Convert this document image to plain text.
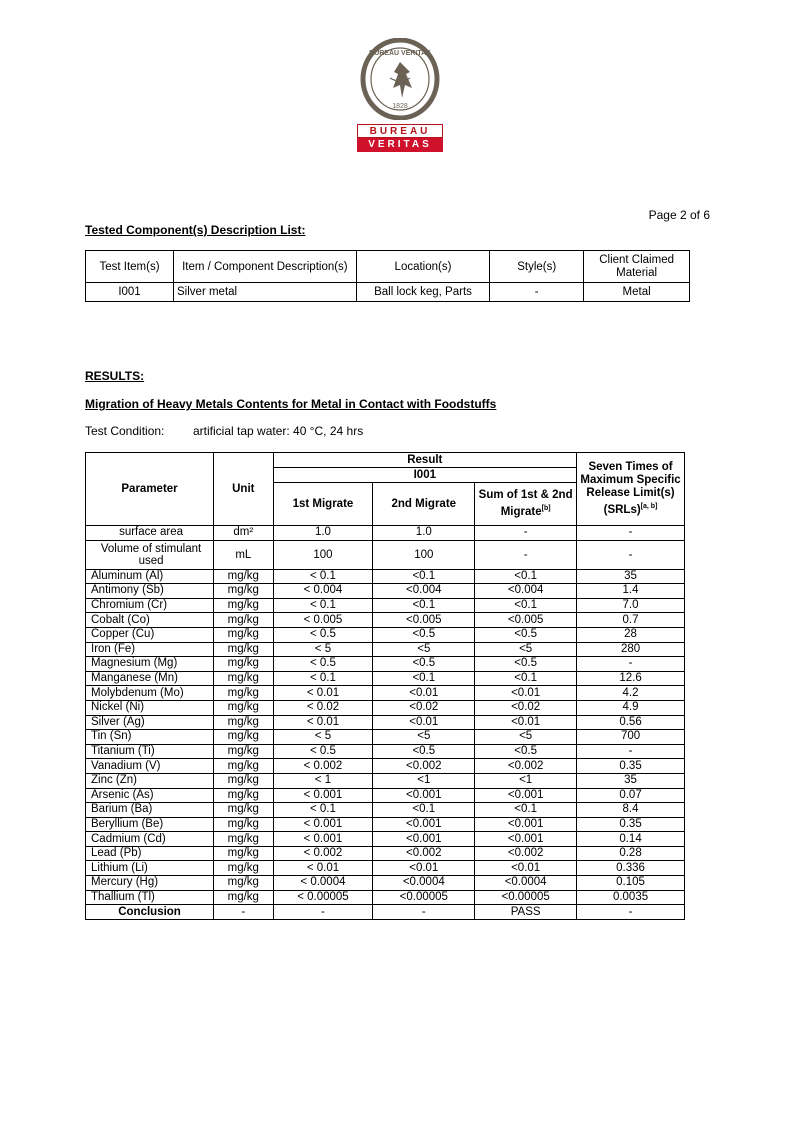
BUREAU VERITAS
1828
BUREAU
VERITAS
Page 2 of 6
Tested Component(s) Description List:
Test Item(s)	Item / Component Description(s)	Location(s)	Style(s)	Client Claimed Material
I001	Silver metal	Ball lock keg, Parts	-	Metal
RESULTS:
Migration of Heavy Metals Contents for Metal in Contact with Foodstuffs
Test Condition: artificial tap water: 40 °C, 24 hrs
Parameter	Unit	Result			Seven Times of Maximum Specific Release Limit(s) (SRLs)[a, b]
		I001			
		1st Migrate	2nd Migrate	Sum of 1st & 2nd Migrate[b]
surface area	dm²	1.0	1.0	-	-
Volume of stimulant used	mL	100	100	-	-
Aluminum (Al)	mg/kg	< 0.1	<0.1	<0.1	35
Antimony (Sb)	mg/kg	< 0.004	<0.004	<0.004	1.4
Chromium (Cr)	mg/kg	< 0.1	<0.1	<0.1	7.0
Cobalt (Co)	mg/kg	< 0.005	<0.005	<0.005	0.7
Copper (Cu)	mg/kg	< 0.5	<0.5	<0.5	28
Iron (Fe)	mg/kg	< 5	<5	<5	280
Magnesium (Mg)	mg/kg	< 0.5	<0.5	<0.5	-
Manganese (Mn)	mg/kg	< 0.1	<0.1	<0.1	12.6
Molybdenum (Mo)	mg/kg	< 0.01	<0.01	<0.01	4.2
Nickel (Ni)	mg/kg	< 0.02	<0.02	<0.02	4.9
Silver (Ag)	mg/kg	< 0.01	<0.01	<0.01	0.56
Tin (Sn)	mg/kg	< 5	<5	<5	700
Titanium (Ti)	mg/kg	< 0.5	<0.5	<0.5	-
Vanadium (V)	mg/kg	< 0.002	<0.002	<0.002	0.35
Zinc (Zn)	mg/kg	< 1	<1	<1	35
Arsenic (As)	mg/kg	< 0.001	<0.001	<0.001	0.07
Barium (Ba)	mg/kg	< 0.1	<0.1	<0.1	8.4
Beryllium (Be)	mg/kg	< 0.001	<0.001	<0.001	0.35
Cadmium (Cd)	mg/kg	< 0.001	<0.001	<0.001	0.14
Lead (Pb)	mg/kg	< 0.002	<0.002	<0.002	0.28
Lithium (Li)	mg/kg	< 0.01	<0.01	<0.01	0.336
Mercury (Hg)	mg/kg	< 0.0004	<0.0004	<0.0004	0.105
Thallium (Tl)	mg/kg	< 0.00005	<0.00005	<0.00005	0.0035
Conclusion	-	-	-	PASS	-
